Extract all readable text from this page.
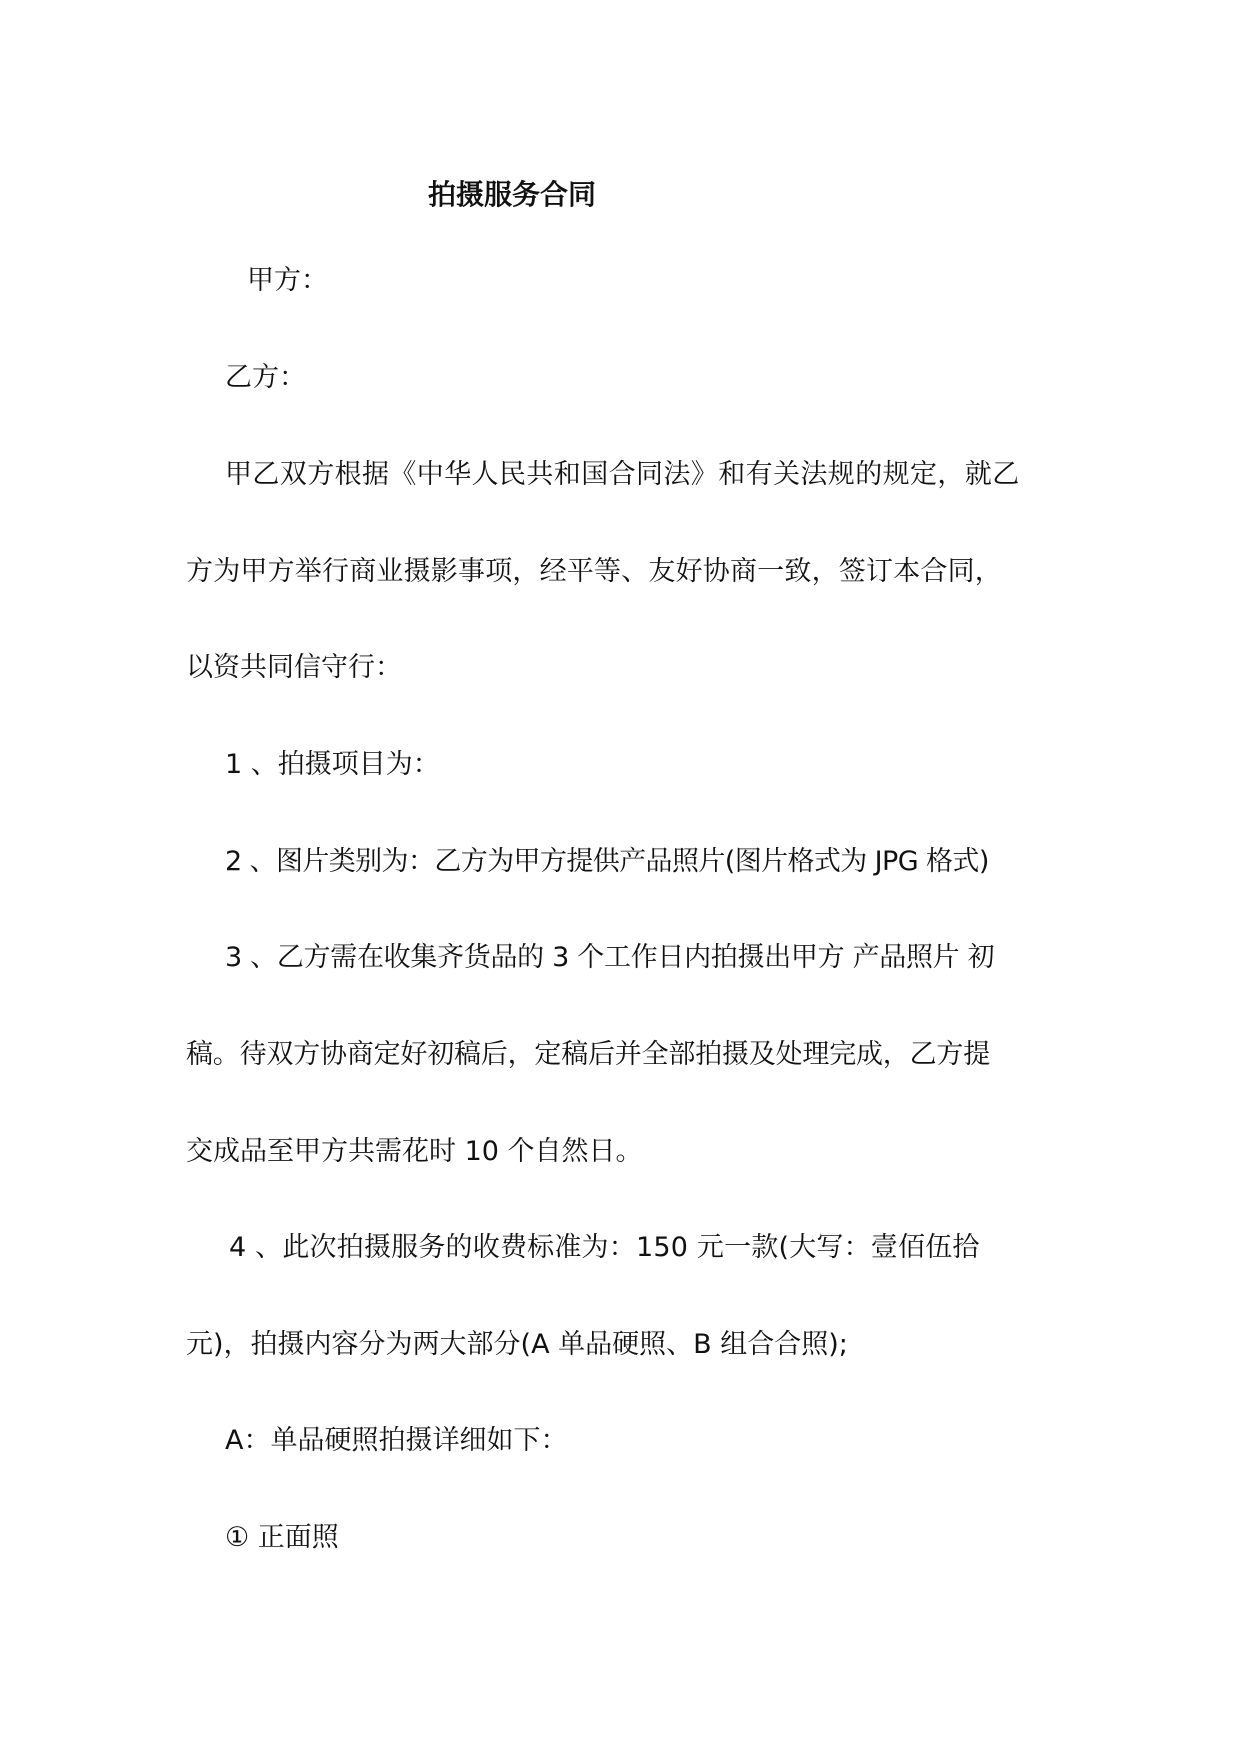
拍摄服务合同

甲方：

乙方：

甲乙双方根据《中华人民共和国合同法》和有关法规的规定，就乙

方为甲方举行商业摄影事项，经平等、友好协商一致，签订本合同，

以资共同信守行：

1 、拍摄项目为：

2 、图片类别为：乙方为甲方提供产品照片(图片格式为 JPG 格式)

3 、乙方需在收集齐货品的 3 个工作日内拍摄出甲方 产品照片 初

稿。待双方协商定好初稿后，定稿后并全部拍摄及处理完成，乙方提

交成品至甲方共需花时 10 个自然日。

4 、此次拍摄服务的收费标准为：150 元一款(大写：壹佰伍拾

元)，拍摄内容分为两大部分(A 单品硬照、B 组合合照);

A：单品硬照拍摄详细如下：

① 正面照
